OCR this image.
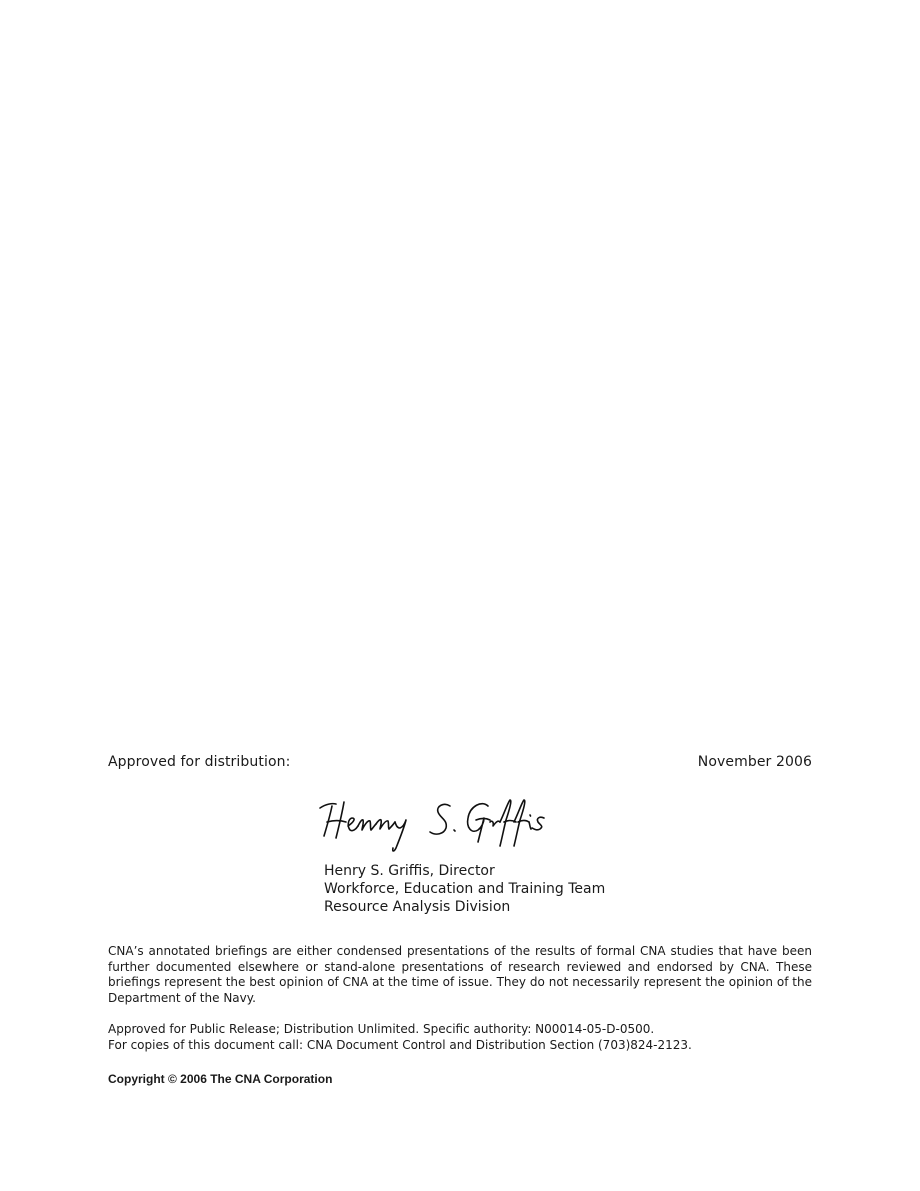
Approved for distribution:	November 2006
Henry S. Griffis, Director
Workforce, Education and Training Team
Resource Analysis Division
CNA’s annotated briefings are either condensed presentations of the results of formal CNA studies that have been further documented elsewhere or stand-alone presentations of research reviewed and endorsed by CNA. These briefings represent the best opinion of CNA at the time of issue. They do not necessarily represent the opinion of the Department of the Navy.
Approved for Public Release; Distribution Unlimited. Specific authority: N00014-05-D-0500.
For copies of this document call: CNA Document Control and Distribution Section (703)824-2123.
Copyright © 2006 The CNA Corporation
